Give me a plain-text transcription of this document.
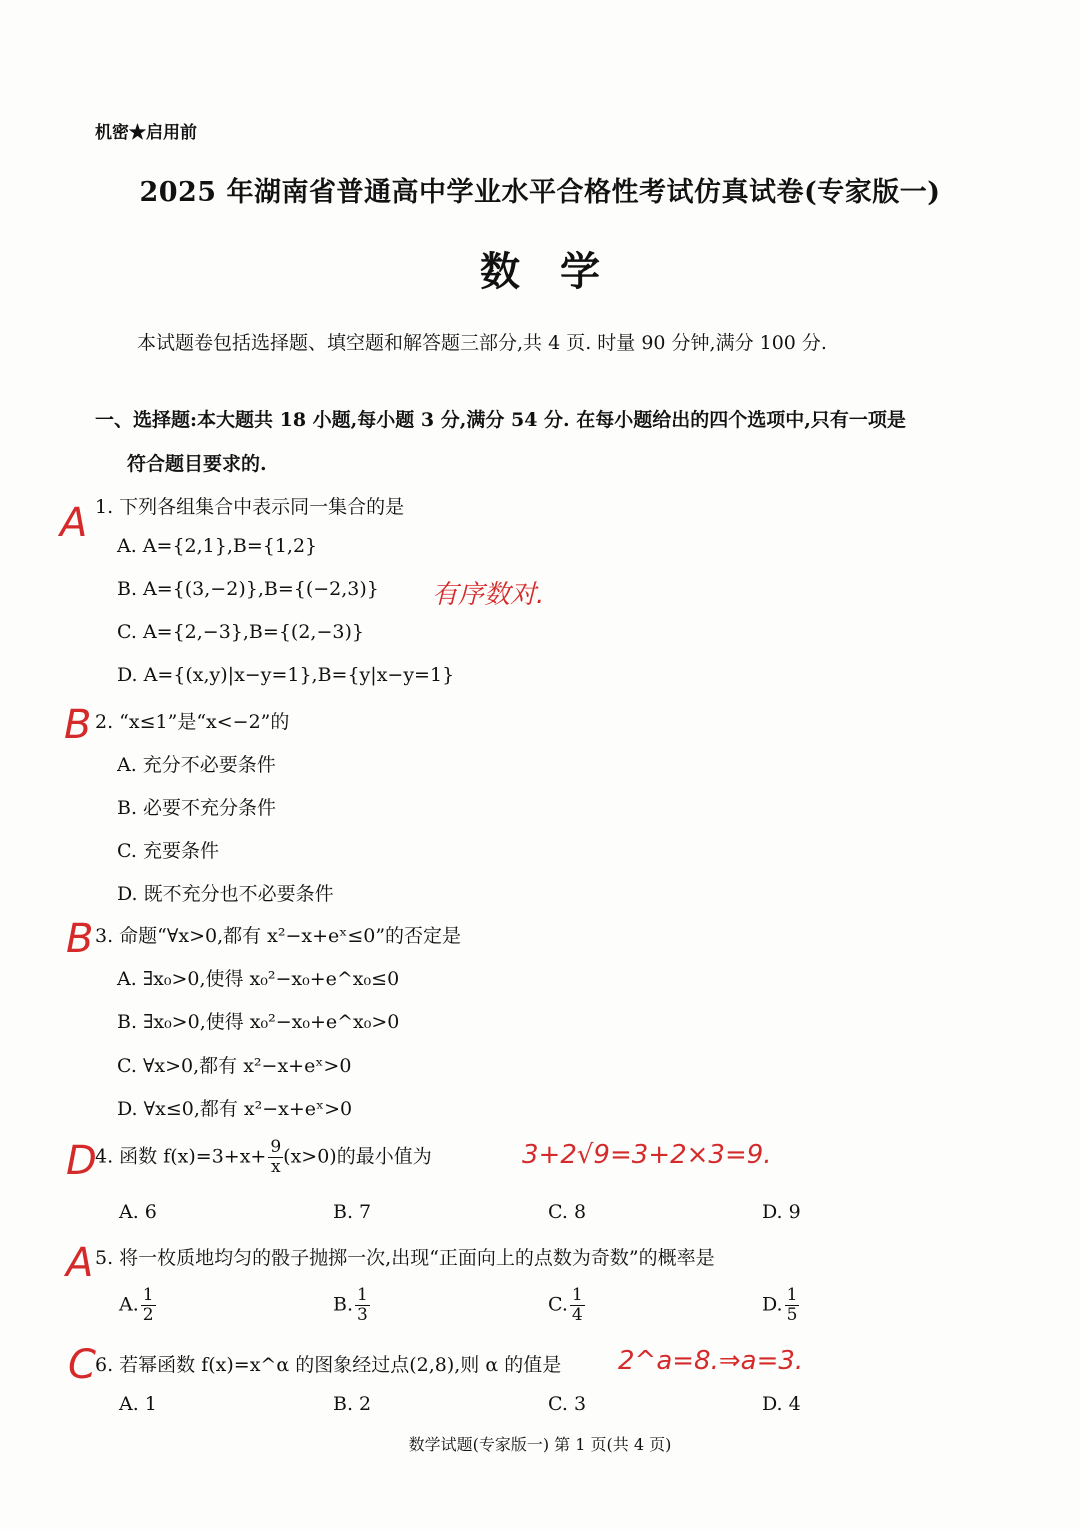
机密★启用前
2025 年湖南省普通高中学业水平合格性考试仿真试卷(专家版一)
数学
本试题卷包括选择题、填空题和解答题三部分,共 4 页. 时量 90 分钟,满分 100 分.
一、选择题:本大题共 18 小题,每小题 3 分,满分 54 分. 在每小题给出的四个选项中,只有一项是
符合题目要求的.
1. 下列各组集合中表示同一集合的是
A. A={2,1},B={1,2}
B. A={(3,−2)},B={(−2,3)}
C. A={2,−3},B={(2,−3)}
D. A={(x,y)|x−y=1},B={y|x−y=1}
A
有序数对.
2. “x≤1”是“x<−2”的
A. 充分不必要条件
B. 必要不充分条件
C. 充要条件
D. 既不充分也不必要条件
B
3. 命题“∀x>0,都有 x²−x+eˣ≤0”的否定是
A. ∃x₀>0,使得 x₀²−x₀+e^x₀≤0
B. ∃x₀>0,使得 x₀²−x₀+e^x₀>0
C. ∀x>0,都有 x²−x+eˣ>0
D. ∀x≤0,都有 x²−x+eˣ>0
B
4. 函数 $f(x)=3+x+ \frac{9}{x} (x>0)$的最小值为
A. 6	B. 7	C. 8	D. 9
D	3+2√9=3+2×3=9.
5. 将一枚质地均匀的骰子抛掷一次,出现“正面向上的点数为奇数”的概率是
A. $\frac{1}{2}$	B. $\frac{1}{3}$	C. $\frac{1}{4}$	D. $\frac{1}{5}$
A
6. 若幂函数 f(x)=x^α 的图象经过点(2,8),则 α 的值是
A. 1	B. 2	C. 3	D. 4
C	2^a=8.⇒a=3.
数学试题(专家版一) 第 1 页(共 4 页)
